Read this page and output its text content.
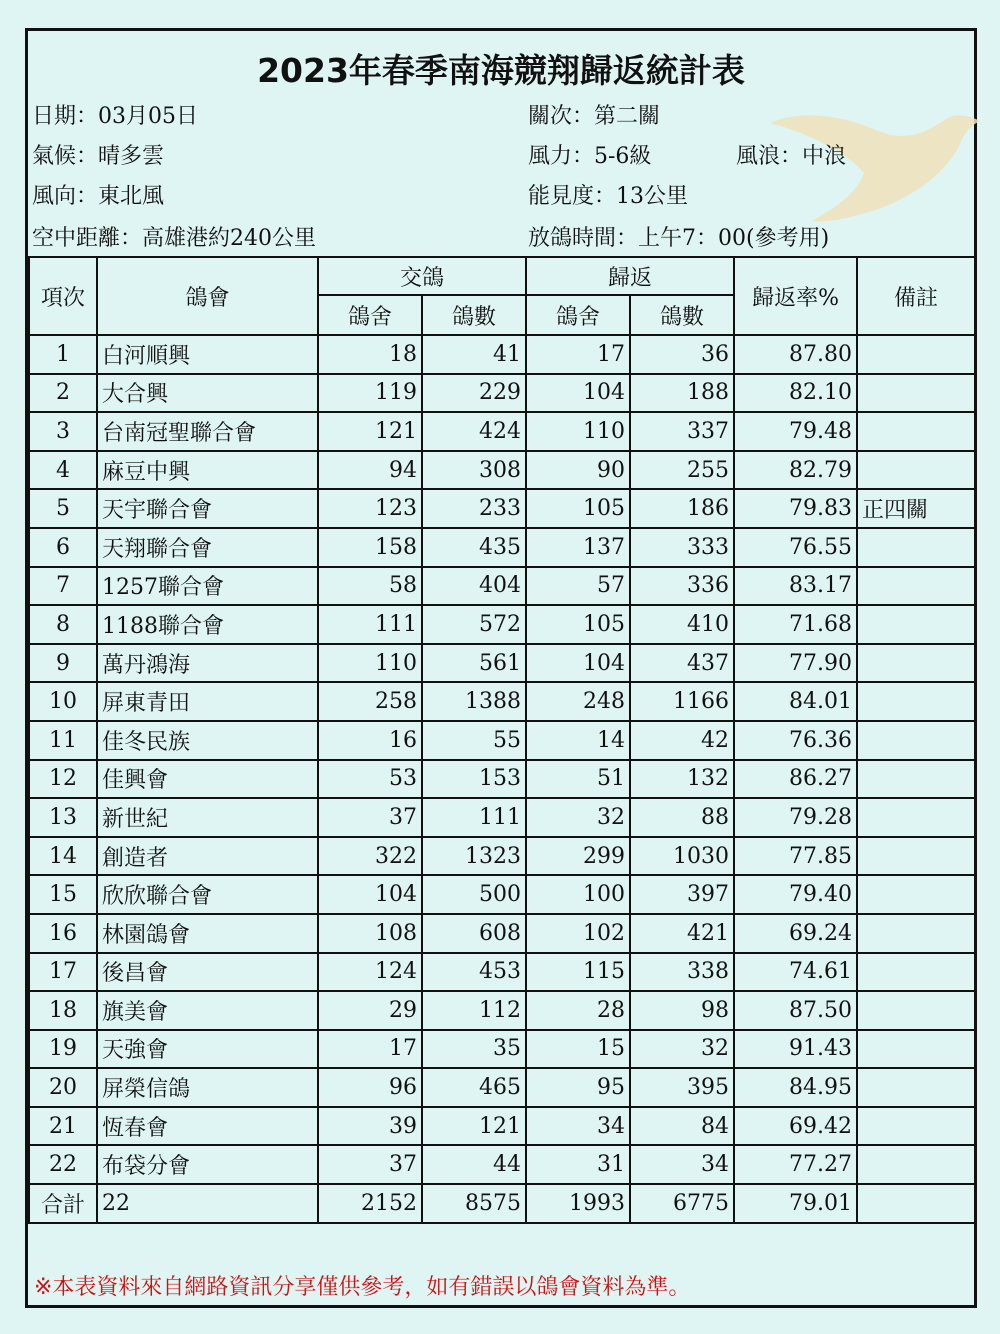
2023年春季南海競翔歸返統計表
日期：03月05日
氣候：晴多雲
風向：東北風
空中距離：高雄港約240公里
關次：第二關
風力：5-6級	風浪：中浪
能見度：13公里
放鴿時間：上午7：00(參考用)
項次	鴿會	交鴿		歸返		歸返率%	備註
		鴿舍	鴿數	鴿舍	鴿數		
1	白河順興	18	41	17	36	87.80	
2	大合興	119	229	104	188	82.10	
3	台南冠聖聯合會	121	424	110	337	79.48	
4	麻豆中興	94	308	90	255	82.79	
5	天宇聯合會	123	233	105	186	79.83	正四關
6	天翔聯合會	158	435	137	333	76.55	
7	1257聯合會	58	404	57	336	83.17	
8	1188聯合會	111	572	105	410	71.68	
9	萬丹鴻海	110	561	104	437	77.90	
10	屏東青田	258	1388	248	1166	84.01	
11	佳冬民族	16	55	14	42	76.36	
12	佳興會	53	153	51	132	86.27	
13	新世紀	37	111	32	88	79.28	
14	創造者	322	1323	299	1030	77.85	
15	欣欣聯合會	104	500	100	397	79.40	
16	林園鴿會	108	608	102	421	69.24	
17	後昌會	124	453	115	338	74.61	
18	旗美會	29	112	28	98	87.50	
19	天強會	17	35	15	32	91.43	
20	屏榮信鴿	96	465	95	395	84.95	
21	恆春會	39	121	34	84	69.42	
22	布袋分會	37	44	31	34	77.27	
合計	22	2152	8575	1993	6775	79.01	
※本表資料來自網路資訊分享僅供參考，如有錯誤以鴿會資料為準。
